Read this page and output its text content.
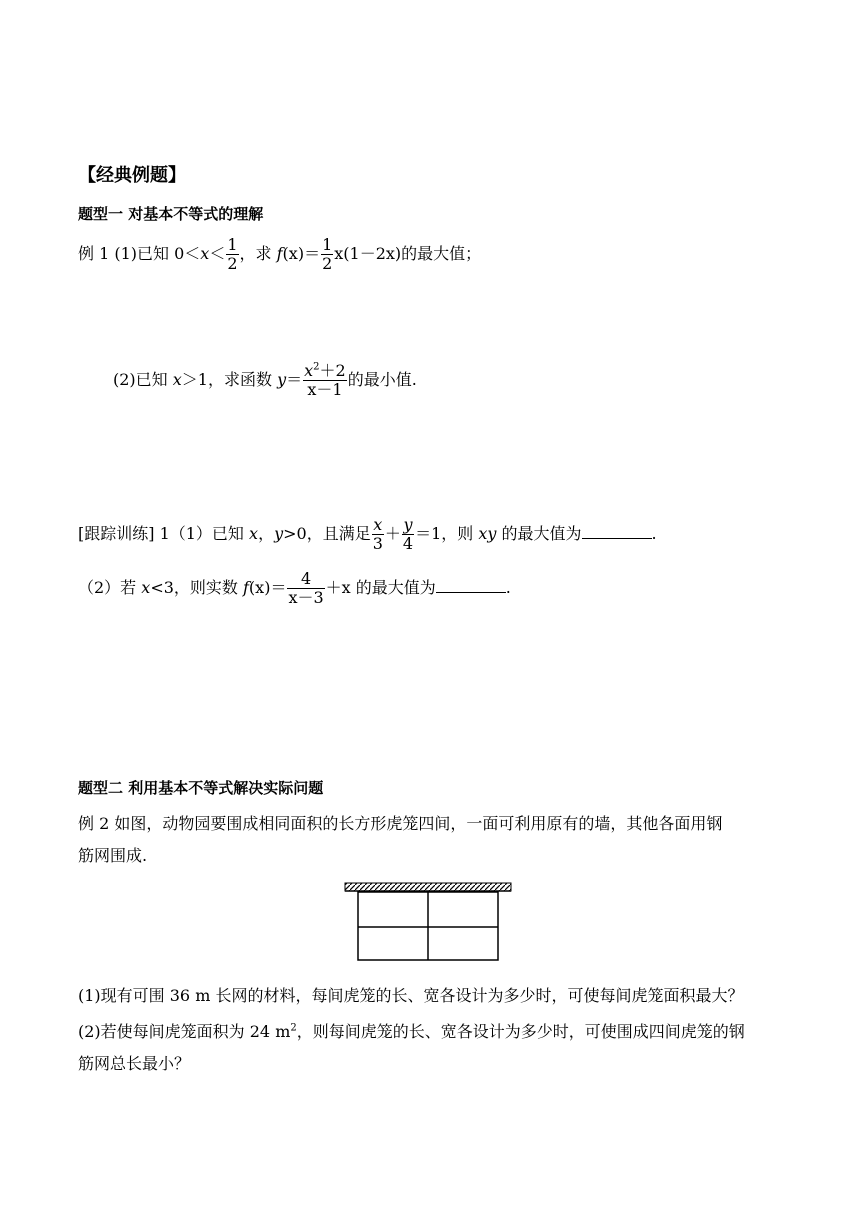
【经典例题】
题型一 对基本不等式的理解
例 1 (1)已知 $0<x< \frac{1}{2}$ ，求 $f(x)= \frac{1}{2} x(1-2x)$的最大值；
(2)已知 x＞1，求函数 $y= \frac{x^2+2}{x-1}$ 的最小值.
[跟踪训练] 1（1）已知 x，y>0，且满足 $\frac{x}{3} + \frac{y}{4} =1$，则 xy 的最大值为	.
（2）若 x<3，则实数 $f(x)= \frac{4}{x-3} +x$ 的最大值为	.
题型二 利用基本不等式解决实际问题
例 2 如图，动物园要围成相同面积的长方形虎笼四间，一面可利用原有的墙，其他各面用钢
筋网围成.
(1)现有可围 36 m 长网的材料，每间虎笼的长、宽各设计为多少时，可使每间虎笼面积最大？
(2)若使每间虎笼面积为 24 $m^2$，则每间虎笼的长、宽各设计为多少时，可使围成四间虎笼的钢
筋网总长最小？
